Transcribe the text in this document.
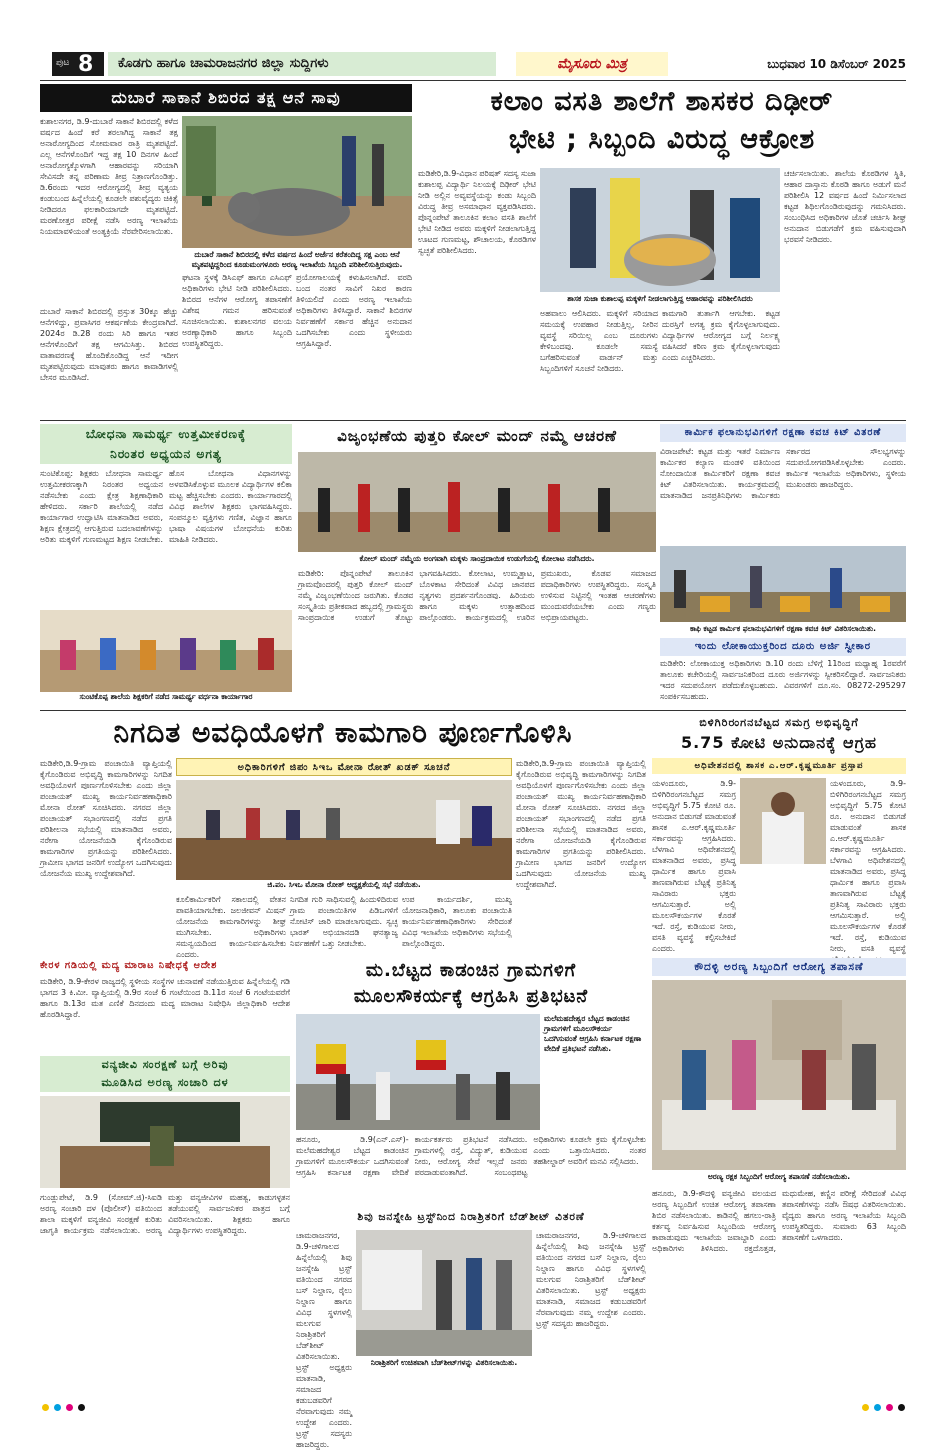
ಪುಟ 8	ಕೊಡಗು ಹಾಗೂ ಚಾಮರಾಜನಗರ ಜಿಲ್ಲಾ ಸುದ್ದಿಗಳು	ಮೈಸೂರು ಮಿತ್ರ	ಬುಧವಾರ 10 ಡಿಸೆಂಬರ್ 2025
ದುಬಾರೆ ಸಾಕಾನೆ ಶಿಬಿರದ ತಕ್ಷ ಆನೆ ಸಾವು
ಕುಶಾಲನಗರ, ಡಿ.9-ದುಬಾರೆ ಸಾಕಾನೆ ಶಿಬಿರದಲ್ಲಿ ಕಳೆದ ವರ್ಷದ ಹಿಂದೆ ಕರೆ ತರಲಾಗಿದ್ದ ಸಾಕಾನೆ ತಕ್ಷ ಅನಾರೋಗ್ಯದಿಂದ ಸೋಮವಾರ ರಾತ್ರಿ ಮೃತಪಟ್ಟಿದೆ. ಎಲ್ಲ ಆನೆಗಳೊಂದಿಗೆ ಇದ್ದ ತಕ್ಷ 10 ದಿನಗಳ ಹಿಂದೆ ಅನಾರೋಗ್ಯಕ್ಕೊಳಗಾಗಿ ಆಹಾರವನ್ನು ಸರಿಯಾಗಿ ಸೇವಿಸದೇ ತನ್ನ ಪರಿಣಾಮ ತೀವ್ರ ನಿತ್ರಾಣಗೊಂಡಿತ್ತು. ಡಿ.6ರಂದು ಇದರ ಆರೋಗ್ಯದಲ್ಲಿ ತೀವ್ರ ವ್ಯತ್ಯಯ ಕಂಡುಬಂದ ಹಿನ್ನೆಲೆಯಲ್ಲಿ ಕೂಡಲೇ ಪಶುವೈದ್ಯರು ಚಿಕಿತ್ಸೆ ನೀಡಿದರೂ ಫಲಕಾರಿಯಾಗದೇ ಮೃತಪಟ್ಟಿದೆ. ಮರಣೋತ್ತರ ಪರೀಕ್ಷೆ ನಡೆಸಿ ಅರಣ್ಯ ಇಲಾಖೆಯ ನಿಯಮಾವಳಿಯಂತೆ ಅಂತ್ಯಕ್ರಿಯೆ ನೆರವೇರಿಸಲಾಯಿತು.
ದುಬಾರೆ ಸಾಕಾನೆ ಶಿಬಿರದಲ್ಲಿ ಕಳೆದ ವರ್ಷದ ಹಿಂದೆ ಅರ್ಜೆನ ಕರೆತಂದಿದ್ದ ಸಕ್ಷ ಎಂಬ ಆನೆ ಮೃತಪಟ್ಟಿದ್ದರಿಂದ ಕೂಡುಮಂಗಳೂರು ಅರಣ್ಯ ಇಲಾಖೆಯ ಸಿಬ್ಬಂದಿ ಪರಿಶೀಲಿಸುತ್ತಿರುವುದು.
ದುಬಾರೆ ಸಾಕಾನೆ ಶಿಬಿರದಲ್ಲಿ ಪ್ರಸ್ತುತ 30ಕ್ಕೂ ಹೆಚ್ಚು ಆನೆಗಳಿದ್ದು, ಪ್ರವಾಸಿಗರ ಆಕರ್ಷಣೆಯ ಕೇಂದ್ರವಾಗಿದೆ. 2024ರ ಡಿ.28 ರಂದು ಸಿರಿ ಹಾಗೂ ಇತರ ಆನೆಗಳೊಂದಿಗೆ ತಕ್ಷ ಆಗಮಿಸಿತ್ತು. ಶಿಬಿರದ ವಾತಾವರಣಕ್ಕೆ ಹೊಂದಿಕೊಂಡಿದ್ದ ಆನೆ ಇದೀಗ ಮೃತಪಟ್ಟಿರುವುದು ಮಾವುತರು ಹಾಗೂ ಕಾವಾಡಿಗಳಲ್ಲಿ ಬೇಸರ ಮೂಡಿಸಿದೆ.
ಘಟನಾ ಸ್ಥಳಕ್ಕೆ ಡಿಸಿಎಫ್ ಹಾಗೂ ಎಸಿಎಫ್ ಅಧಿಕಾರಿಗಳು ಭೇಟಿ ನೀಡಿ ಪರಿಶೀಲಿಸಿದರು. ಶಿಬಿರದ ಆನೆಗಳ ಆರೋಗ್ಯ ತಪಾಸಣೆಗೆ ವಿಶೇಷ ಗಮನ ಹರಿಸುವಂತೆ ಸೂಚಿಸಲಾಯಿತು. ಕುಶಾಲನಗರ ವಲಯ ಅರಣ್ಯಾಧಿಕಾರಿ ಹಾಗೂ ಸಿಬ್ಬಂದಿ ಉಪಸ್ಥಿತರಿದ್ದರು.
ಪ್ರಯೋಗಾಲಯಕ್ಕೆ ಕಳುಹಿಸಲಾಗಿದೆ. ವರದಿ ಬಂದ ನಂತರ ಸಾವಿಗೆ ನಿಖರ ಕಾರಣ ತಿಳಿಯಲಿದೆ ಎಂದು ಅರಣ್ಯ ಇಲಾಖೆಯ ಅಧಿಕಾರಿಗಳು ತಿಳಿಸಿದ್ದಾರೆ. ಸಾಕಾನೆ ಶಿಬಿರಗಳ ನಿರ್ವಹಣೆಗೆ ಸರ್ಕಾರ ಹೆಚ್ಚಿನ ಅನುದಾನ ಒದಗಿಸಬೇಕು ಎಂದು ಸ್ಥಳೀಯರು ಆಗ್ರಹಿಸಿದ್ದಾರೆ.
ಕಲಾಂ ವಸತಿ ಶಾಲೆಗೆ ಶಾಸಕರ ದಿಢೀರ್
ಭೇಟಿ ; ಸಿಬ್ಬಂದಿ ವಿರುದ್ಧ ಆಕ್ರೋಶ
ಮಡಿಕೇರಿ,ಡಿ.9-ವಿಧಾನ ಪರಿಷತ್ ಸದಸ್ಯ ಸುಜಾ ಕುಶಾಲಪ್ಪ ವಿದ್ಯಾರ್ಥಿ ನಿಲಯಕ್ಕೆ ದಿಢೀರ್ ಭೇಟಿ ನೀಡಿ ಅಲ್ಲಿನ ಅವ್ಯವಸ್ಥೆಯನ್ನು ಕಂಡು ಸಿಬ್ಬಂದಿ ವಿರುದ್ಧ ತೀವ್ರ ಅಸಮಾಧಾನ ವ್ಯಕ್ತಪಡಿಸಿದರು. ಪೊನ್ನಂಪೇಟೆ ತಾಲೂಕಿನ ಕಲಾಂ ವಸತಿ ಶಾಲೆಗೆ ಭೇಟಿ ನೀಡಿದ ಅವರು ಮಕ್ಕಳಿಗೆ ನೀಡಲಾಗುತ್ತಿದ್ದ ಊಟದ ಗುಣಮಟ್ಟ, ಶೌಚಾಲಯ, ಕೊಠಡಿಗಳ ಸ್ವಚ್ಛತೆ ಪರಿಶೀಲಿಸಿದರು.
ಶಾಸಕ ಸುಜಾ ಕುಶಾಲಪ್ಪ ಮಕ್ಕಳಿಗೆ ನೀಡಲಾಗುತ್ತಿದ್ದ ಆಹಾರವನ್ನು ಪರಿಶೀಲಿಸಿದರು
ಅಹವಾಲು ಆಲಿಸಿದರು. ಮಕ್ಕಳಿಗೆ ಸರಿಯಾದ ಸಮಯಕ್ಕೆ ಉಪಹಾರ ನೀಡುತ್ತಿಲ್ಲ, ನೀರಿನ ವ್ಯವಸ್ಥೆ ಸರಿಯಿಲ್ಲ ಎಂಬ ದೂರುಗಳು ಕೇಳಿಬಂದವು. ಕೂಡಲೇ ಸಮಸ್ಯೆ ಬಗೆಹರಿಸುವಂತೆ ವಾರ್ಡನ್ ಮತ್ತು ಸಿಬ್ಬಂದಿಗಳಿಗೆ ಸೂಚನೆ ನೀಡಿದರು.
ಕಾಮಗಾರಿ ತುರ್ತಾಗಿ ಆಗಬೇಕು. ಕಟ್ಟಡ ದುರಸ್ತಿಗೆ ಅಗತ್ಯ ಕ್ರಮ ಕೈಗೊಳ್ಳಲಾಗುವುದು. ವಿದ್ಯಾರ್ಥಿಗಳ ಆರೋಗ್ಯದ ಬಗ್ಗೆ ನಿರ್ಲಕ್ಷ್ಯ ವಹಿಸಿದರೆ ಕಠಿಣ ಕ್ರಮ ಕೈಗೊಳ್ಳಲಾಗುವುದು ಎಂದು ಎಚ್ಚರಿಸಿದರು.
ಚರ್ಚಿಸಲಾಯಿತು. ಶಾಲೆಯ ಕೊಠಡಿಗಳ ಸ್ಥಿತಿ, ಆಹಾರ ದಾಸ್ತಾನು ಕೊಠಡಿ ಹಾಗೂ ಅಡುಗೆ ಮನೆ ಪರಿಶೀಲಿಸಿ 12 ವರ್ಷದ ಹಿಂದೆ ನಿರ್ಮಿಸಲಾದ ಕಟ್ಟಡ ಶಿಥಿಲಗೊಂಡಿರುವುದನ್ನು ಗಮನಿಸಿದರು. ಸಂಬಂಧಿಸಿದ ಅಧಿಕಾರಿಗಳ ಜೊತೆ ಚರ್ಚಿಸಿ ಶೀಘ್ರ ಅನುದಾನ ಬಿಡುಗಡೆಗೆ ಕ್ರಮ ವಹಿಸುವುದಾಗಿ ಭರವಸೆ ನೀಡಿದರು.
ಬೋಧನಾ ಸಾಮರ್ಥ್ಯ ಉತ್ತಮೀಕರಣಕ್ಕೆ
ನಿರಂತರ ಅಧ್ಯಯನ ಅಗತ್ಯ
ಸುಂಟಿಕೊಪ್ಪ: ಶಿಕ್ಷಕರು ಬೋಧನಾ ಸಾಮರ್ಥ್ಯ ಉತ್ತಮೀಕರಣಕ್ಕಾಗಿ ನಿರಂತರ ಅಧ್ಯಯನ ನಡೆಸಬೇಕು ಎಂದು ಕ್ಷೇತ್ರ ಶಿಕ್ಷಣಾಧಿಕಾರಿ ಹೇಳಿದರು. ಸರ್ಕಾರಿ ಶಾಲೆಯಲ್ಲಿ ನಡೆದ ಕಾರ್ಯಾಗಾರ ಉದ್ಘಾಟಿಸಿ ಮಾತನಾಡಿದ ಅವರು, ಶಿಕ್ಷಣ ಕ್ಷೇತ್ರದಲ್ಲಿ ಆಗುತ್ತಿರುವ ಬದಲಾವಣೆಗಳನ್ನು ಅರಿತು ಮಕ್ಕಳಿಗೆ ಗುಣಮಟ್ಟದ ಶಿಕ್ಷಣ ನೀಡಬೇಕು. ಹೊಸ ಬೋಧನಾ ವಿಧಾನಗಳನ್ನು ಅಳವಡಿಸಿಕೊಳ್ಳುವ ಮೂಲಕ ವಿದ್ಯಾರ್ಥಿಗಳ ಕಲಿಕಾ ಮಟ್ಟ ಹೆಚ್ಚಿಸಬೇಕು ಎಂದರು. ಕಾರ್ಯಾಗಾರದಲ್ಲಿ ವಿವಿಧ ಶಾಲೆಗಳ ಶಿಕ್ಷಕರು ಭಾಗವಹಿಸಿದ್ದರು. ಸಂಪನ್ಮೂಲ ವ್ಯಕ್ತಿಗಳು ಗಣಿತ, ವಿಜ್ಞಾನ ಹಾಗೂ ಭಾಷಾ ವಿಷಯಗಳ ಬೋಧನೆಯ ಕುರಿತು ಮಾಹಿತಿ ನೀಡಿದರು.
ಸುಂಟಿಕೊಪ್ಪ ಶಾಲೆಯ ಶಿಕ್ಷಕರಿಗೆ ನಡೆದ ಸಾಮರ್ಥ್ಯ ವರ್ಧನಾ ಕಾರ್ಯಾಗಾರ
ವಿಜೃಂಭಣೆಯ ಪುತ್ತರಿ ಕೋಲ್ ಮಂದ್ ನಮ್ಮೆ ಆಚರಣೆ
ಕೋಲ್ ಮಂದ್ ನಮ್ಮೆಯ ಅಂಗವಾಗಿ ಮಕ್ಕಳು ಸಾಂಪ್ರದಾಯಿಕ ಉಡುಗೆಯಲ್ಲಿ ಕೋಲಾಟ ನಡೆಸಿದರು.
ಮಡಿಕೇರಿ: ಪೊನ್ನಂಪೇಟೆ ತಾಲೂಕಿನ ಗ್ರಾಮವೊಂದರಲ್ಲಿ ಪುತ್ತರಿ ಕೋಲ್ ಮಂದ್ ನಮ್ಮೆ ವಿಜೃಂಭಣೆಯಿಂದ ಜರುಗಿತು. ಕೊಡವ ಸಂಸ್ಕೃತಿಯ ಪ್ರತೀಕವಾದ ಹಬ್ಬದಲ್ಲಿ ಗ್ರಾಮಸ್ಥರು ಸಾಂಪ್ರದಾಯಿಕ ಉಡುಗೆ ತೊಟ್ಟು ಭಾಗವಹಿಸಿದರು. ಕೋಲಾಟ, ಉಮ್ಮತ್ತಾಟ, ಬೊಳಕಾಟ ಸೇರಿದಂತೆ ವಿವಿಧ ಜಾನಪದ ನೃತ್ಯಗಳು ಪ್ರದರ್ಶನಗೊಂಡವು. ಹಿರಿಯರು ಹಾಗೂ ಮಕ್ಕಳು ಉತ್ಸಾಹದಿಂದ ಪಾಲ್ಗೊಂಡರು. ಕಾರ್ಯಕ್ರಮದಲ್ಲಿ ಊರಿನ ಪ್ರಮುಖರು, ಕೊಡವ ಸಮಾಜದ ಪದಾಧಿಕಾರಿಗಳು ಉಪಸ್ಥಿತರಿದ್ದರು. ಸಂಸ್ಕೃತಿ ಉಳಿಸುವ ನಿಟ್ಟಿನಲ್ಲಿ ಇಂತಹ ಆಚರಣೆಗಳು ಮುಂದುವರೆಯಬೇಕು ಎಂದು ಗಣ್ಯರು ಅಭಿಪ್ರಾಯಪಟ್ಟರು.
ಕಾರ್ಮಿಕ ಫಲಾನುಭವಿಗಳಿಗೆ ರಕ್ಷಣಾ ಕವಚ ಕಿಟ್ ವಿತರಣೆ
ವಿರಾಜಪೇಟೆ: ಕಟ್ಟಡ ಮತ್ತು ಇತರೆ ನಿರ್ಮಾಣ ಕಾರ್ಮಿಕರ ಕಲ್ಯಾಣ ಮಂಡಳಿ ವತಿಯಿಂದ ನೋಂದಾಯಿತ ಕಾರ್ಮಿಕರಿಗೆ ರಕ್ಷಣಾ ಕವಚ ಕಿಟ್ ವಿತರಿಸಲಾಯಿತು. ಕಾರ್ಯಕ್ರಮದಲ್ಲಿ ಮಾತನಾಡಿದ ಜನಪ್ರತಿನಿಧಿಗಳು ಕಾರ್ಮಿಕರು ಸರ್ಕಾರದ ಸೌಲಭ್ಯಗಳನ್ನು ಸದುಪಯೋಗಪಡಿಸಿಕೊಳ್ಳಬೇಕು ಎಂದರು. ಕಾರ್ಮಿಕ ಇಲಾಖೆಯ ಅಧಿಕಾರಿಗಳು, ಸ್ಥಳೀಯ ಮುಖಂಡರು ಹಾಜರಿದ್ದರು.
ಕಾಫಿ ಕಟ್ಟಡ ಕಾರ್ಮಿಕ ಫಲಾನುಭವಿಗಳಿಗೆ ರಕ್ಷಣಾ ಕವಚ ಕಿಟ್ ವಿತರಿಸಲಾಯಿತು.
ಇಂದು ಲೋಕಾಯುಕ್ತರಿಂದ ದೂರು ಅರ್ಜಿ ಸ್ವೀಕಾರ
ಮಡಿಕೇರಿ: ಲೋಕಾಯುಕ್ತ ಅಧಿಕಾರಿಗಳು ಡಿ.10 ರಂದು ಬೆಳಿಗ್ಗೆ 11ರಿಂದ ಮಧ್ಯಾಹ್ನ 1ರವರೆಗೆ ತಾಲೂಕು ಕಚೇರಿಯಲ್ಲಿ ಸಾರ್ವಜನಿಕರಿಂದ ದೂರು ಅರ್ಜಿಗಳನ್ನು ಸ್ವೀಕರಿಸಲಿದ್ದಾರೆ. ಸಾರ್ವಜನಿಕರು ಇದರ ಸದುಪಯೋಗ ಪಡೆದುಕೊಳ್ಳಬಹುದು. ವಿವರಗಳಿಗೆ ದೂ.ಸಂ. 08272-295297 ಸಂಪರ್ಕಿಸಬಹುದು.
ನಿಗದಿತ ಅವಧಿಯೊಳಗೆ ಕಾಮಗಾರಿ ಪೂರ್ಣಗೊಳಿಸಿ
ಮಡಿಕೇರಿ,ಡಿ.9-ಗ್ರಾಮ ಪಂಚಾಯಿತಿ ವ್ಯಾಪ್ತಿಯಲ್ಲಿ ಕೈಗೊಂಡಿರುವ ಅಭಿವೃದ್ಧಿ ಕಾಮಗಾರಿಗಳನ್ನು ನಿಗದಿತ ಅವಧಿಯೊಳಗೆ ಪೂರ್ಣಗೊಳಿಸಬೇಕು ಎಂದು ಜಿಲ್ಲಾ ಪಂಚಾಯತ್ ಮುಖ್ಯ ಕಾರ್ಯನಿರ್ವಹಣಾಧಿಕಾರಿ ಮೋನಾ ರೋತ್ ಸೂಚಿಸಿದರು. ನಗರದ ಜಿಲ್ಲಾ ಪಂಚಾಯತ್ ಸಭಾಂಗಣದಲ್ಲಿ ನಡೆದ ಪ್ರಗತಿ ಪರಿಶೀಲನಾ ಸಭೆಯಲ್ಲಿ ಮಾತನಾಡಿದ ಅವರು, ನರೇಗಾ ಯೋಜನೆಯಡಿ ಕೈಗೊಂಡಿರುವ ಕಾಮಗಾರಿಗಳ ಪ್ರಗತಿಯನ್ನು ಪರಿಶೀಲಿಸಿದರು. ಗ್ರಾಮೀಣ ಭಾಗದ ಜನರಿಗೆ ಉದ್ಯೋಗ ಒದಗಿಸುವುದು ಯೋಜನೆಯ ಮುಖ್ಯ ಉದ್ದೇಶವಾಗಿದೆ.
ಅಧಿಕಾರಿಗಳಿಗೆ ಜಿಪಂ ಸಿಇಒ ಮೋನಾ ರೋತ್ ಖಡಕ್ ಸೂಚನೆ
ಜಿ.ಪಂ. ಸಿಇಒ ಮೋನಾ ರೋತ್ ಅಧ್ಯಕ್ಷತೆಯಲ್ಲಿ ಸಭೆ ನಡೆಯಿತು.
ಕೂಲಿಕಾರ್ಮಿಕರಿಗೆ ಸಕಾಲದಲ್ಲಿ ವೇತನ ಪಾವತಿಯಾಗಬೇಕು. ಜಲಜೀವನ್ ಮಿಷನ್ ಯೋಜನೆಯ ಕಾಮಗಾರಿಗಳನ್ನು ಶೀಘ್ರ ಮುಗಿಸಬೇಕು. ಅಧಿಕಾರಿಗಳು ಸಮನ್ವಯದಿಂದ ಕಾರ್ಯನಿರ್ವಹಿಸಬೇಕು ಎಂದರು.
ನಿಗದಿತ ಗುರಿ ಸಾಧಿಸುವಲ್ಲಿ ಹಿಂದುಳಿದಿರುವ ಗ್ರಾಮ ಪಂಚಾಯಿತಿಗಳ ಪಿಡಿಒಗಳಿಗೆ ನೋಟಿಸ್ ಜಾರಿ ಮಾಡಲಾಗುವುದು. ಸ್ವಚ್ಛ ಭಾರತ್ ಅಭಿಯಾನದಡಿ ಘನತ್ಯಾಜ್ಯ ನಿರ್ವಹಣೆಗೆ ಒತ್ತು ನೀಡಬೇಕು.
ಉಪ ಕಾರ್ಯದರ್ಶಿ, ಮುಖ್ಯ ಯೋಜನಾಧಿಕಾರಿ, ತಾಲೂಕು ಪಂಚಾಯಿತಿ ಕಾರ್ಯನಿರ್ವಹಣಾಧಿಕಾರಿಗಳು ಸೇರಿದಂತೆ ವಿವಿಧ ಇಲಾಖೆಯ ಅಧಿಕಾರಿಗಳು ಸಭೆಯಲ್ಲಿ ಪಾಲ್ಗೊಂಡಿದ್ದರು.
ಮಡಿಕೇರಿ,ಡಿ.9-ಗ್ರಾಮ ಪಂಚಾಯಿತಿ ವ್ಯಾಪ್ತಿಯಲ್ಲಿ ಕೈಗೊಂಡಿರುವ ಅಭಿವೃದ್ಧಿ ಕಾಮಗಾರಿಗಳನ್ನು ನಿಗದಿತ ಅವಧಿಯೊಳಗೆ ಪೂರ್ಣಗೊಳಿಸಬೇಕು ಎಂದು ಜಿಲ್ಲಾ ಪಂಚಾಯತ್ ಮುಖ್ಯ ಕಾರ್ಯನಿರ್ವಹಣಾಧಿಕಾರಿ ಮೋನಾ ರೋತ್ ಸೂಚಿಸಿದರು. ನಗರದ ಜಿಲ್ಲಾ ಪಂಚಾಯತ್ ಸಭಾಂಗಣದಲ್ಲಿ ನಡೆದ ಪ್ರಗತಿ ಪರಿಶೀಲನಾ ಸಭೆಯಲ್ಲಿ ಮಾತನಾಡಿದ ಅವರು, ನರೇಗಾ ಯೋಜನೆಯಡಿ ಕೈಗೊಂಡಿರುವ ಕಾಮಗಾರಿಗಳ ಪ್ರಗತಿಯನ್ನು ಪರಿಶೀಲಿಸಿದರು. ಗ್ರಾಮೀಣ ಭಾಗದ ಜನರಿಗೆ ಉದ್ಯೋಗ ಒದಗಿಸುವುದು ಯೋಜನೆಯ ಮುಖ್ಯ ಉದ್ದೇಶವಾಗಿದೆ.
ಬಿಳಿಗಿರಿರಂಗನಬೆಟ್ಟದ ಸಮಗ್ರ ಅಭಿವೃದ್ಧಿಗೆ
5.75 ಕೋಟಿ ಅನುದಾನಕ್ಕೆ ಆಗ್ರಹ
ಅಧಿವೇಶನದಲ್ಲಿ ಶಾಸಕ ಎ.ಆರ್.ಕೃಷ್ಣಮೂರ್ತಿ ಪ್ರಸ್ತಾಪ
ಯಳಂದೂರು, ಡಿ.9-ಬಿಳಿಗಿರಿರಂಗನಬೆಟ್ಟದ ಸಮಗ್ರ ಅಭಿವೃದ್ಧಿಗೆ 5.75 ಕೋಟಿ ರೂ. ಅನುದಾನ ಬಿಡುಗಡೆ ಮಾಡುವಂತೆ ಶಾಸಕ ಎ.ಆರ್.ಕೃಷ್ಣಮೂರ್ತಿ ಸರ್ಕಾರವನ್ನು ಆಗ್ರಹಿಸಿದರು. ಬೆಳಗಾವಿ ಅಧಿವೇಶನದಲ್ಲಿ ಮಾತನಾಡಿದ ಅವರು, ಪ್ರಸಿದ್ಧ ಧಾರ್ಮಿಕ ಹಾಗೂ ಪ್ರವಾಸಿ ತಾಣವಾಗಿರುವ ಬೆಟ್ಟಕ್ಕೆ ಪ್ರತಿನಿತ್ಯ ಸಾವಿರಾರು ಭಕ್ತರು ಆಗಮಿಸುತ್ತಾರೆ. ಅಲ್ಲಿ ಮೂಲಸೌಕರ್ಯಗಳ ಕೊರತೆ ಇದೆ. ರಸ್ತೆ, ಕುಡಿಯುವ ನೀರು, ವಸತಿ ವ್ಯವಸ್ಥೆ ಕಲ್ಪಿಸಬೇಕಿದೆ ಎಂದರು.
ಯಳಂದೂರು, ಡಿ.9-ಬಿಳಿಗಿರಿರಂಗನಬೆಟ್ಟದ ಸಮಗ್ರ ಅಭಿವೃದ್ಧಿಗೆ 5.75 ಕೋಟಿ ರೂ. ಅನುದಾನ ಬಿಡುಗಡೆ ಮಾಡುವಂತೆ ಶಾಸಕ ಎ.ಆರ್.ಕೃಷ್ಣಮೂರ್ತಿ ಸರ್ಕಾರವನ್ನು ಆಗ್ರಹಿಸಿದರು. ಬೆಳಗಾವಿ ಅಧಿವೇಶನದಲ್ಲಿ ಮಾತನಾಡಿದ ಅವರು, ಪ್ರಸಿದ್ಧ ಧಾರ್ಮಿಕ ಹಾಗೂ ಪ್ರವಾಸಿ ತಾಣವಾಗಿರುವ ಬೆಟ್ಟಕ್ಕೆ ಪ್ರತಿನಿತ್ಯ ಸಾವಿರಾರು ಭಕ್ತರು ಆಗಮಿಸುತ್ತಾರೆ. ಅಲ್ಲಿ ಮೂಲಸೌಕರ್ಯಗಳ ಕೊರತೆ ಇದೆ. ರಸ್ತೆ, ಕುಡಿಯುವ ನೀರು, ವಸತಿ ವ್ಯವಸ್ಥೆ
ಕೇರಳ ಗಡಿಯಲ್ಲಿ ಮದ್ಯ ಮಾರಾಟ ನಿಷೇಧಕ್ಕೆ ಆದೇಶ
ಮಡಿಕೇರಿ, ಡಿ.9-ಕೇರಳ ರಾಜ್ಯದಲ್ಲಿ ಸ್ಥಳೀಯ ಸಂಸ್ಥೆಗಳ ಚುನಾವಣೆ ನಡೆಯುತ್ತಿರುವ ಹಿನ್ನೆಲೆಯಲ್ಲಿ ಗಡಿ ಭಾಗದ 3 ಕಿ.ಮೀ. ವ್ಯಾಪ್ತಿಯಲ್ಲಿ ಡಿ.9ರ ಸಂಜೆ 6 ಗಂಟೆಯಿಂದ ಡಿ.11ರ ಸಂಜೆ 6 ಗಂಟೆಯವರೆಗೆ ಹಾಗೂ ಡಿ.13ರ ಮತ ಎಣಿಕೆ ದಿನದಂದು ಮದ್ಯ ಮಾರಾಟ ನಿಷೇಧಿಸಿ ಜಿಲ್ಲಾಧಿಕಾರಿ ಆದೇಶ ಹೊರಡಿಸಿದ್ದಾರೆ.
ವನ್ಯಜೀವಿ ಸಂರಕ್ಷಣೆ ಬಗ್ಗೆ ಅರಿವು
ಮೂಡಿಸಿದ ಅರಣ್ಯ ಸಂಚಾರಿ ದಳ
ಗುಂಡ್ಲುಪೇಟೆ, ಡಿ.9 (ಸೋಮ್.ಜಿ)-ಸಿಐಡಿ ಅರಣ್ಯ ಸಂಚಾರಿ ದಳ (ಪೊಲೀಸ್) ವತಿಯಿಂದ ಶಾಲಾ ಮಕ್ಕಳಿಗೆ ವನ್ಯಜೀವಿ ಸಂರಕ್ಷಣೆ ಕುರಿತು ಜಾಗೃತಿ ಕಾರ್ಯಕ್ರಮ ನಡೆಸಲಾಯಿತು. ಅರಣ್ಯ ಮತ್ತು ವನ್ಯಜೀವಿಗಳ ಮಹತ್ವ, ಕಾಡುಗಳ್ಳತನ ತಡೆಯುವಲ್ಲಿ ಸಾರ್ವಜನಿಕರ ಪಾತ್ರದ ಬಗ್ಗೆ ವಿವರಿಸಲಾಯಿತು. ಶಿಕ್ಷಕರು ಹಾಗೂ ವಿದ್ಯಾರ್ಥಿಗಳು ಉಪಸ್ಥಿತರಿದ್ದರು.
ಮ.ಬೆಟ್ಟದ ಕಾಡಂಚಿನ ಗ್ರಾಮಗಳಿಗೆ
ಮೂಲಸೌಕರ್ಯಕ್ಕೆ ಆಗ್ರಹಿಸಿ ಪ್ರತಿಭಟನೆ
ಮಲೆಮಹದೇಶ್ವರ ಬೆಟ್ಟದ ಕಾಡಂಚಿನ ಗ್ರಾಮಗಳಿಗೆ ಮೂಲಸೌಕರ್ಯ ಒದಗಿಸುವಂತೆ ಆಗ್ರಹಿಸಿ ಕರ್ನಾಟಕ ರಕ್ಷಣಾ ವೇದಿಕೆ ಪ್ರತಿಭಟನೆ ನಡೆಸಿತು.
ಹನೂರು, ಡಿ.9(ಎನ್.ಎಸ್)-ಮಲೆಮಹದೇಶ್ವರ ಬೆಟ್ಟದ ಕಾಡಂಚಿನ ಗ್ರಾಮಗಳಿಗೆ ಮೂಲಸೌಕರ್ಯ ಒದಗಿಸುವಂತೆ ಆಗ್ರಹಿಸಿ ಕರ್ನಾಟಕ ರಕ್ಷಣಾ ವೇದಿಕೆ ಕಾರ್ಯಕರ್ತರು ಪ್ರತಿಭಟನೆ ನಡೆಸಿದರು. ಗ್ರಾಮಗಳಲ್ಲಿ ರಸ್ತೆ, ವಿದ್ಯುತ್, ಕುಡಿಯುವ ನೀರು, ಆರೋಗ್ಯ ಸೇವೆ ಇಲ್ಲದೆ ಜನರು ಪರದಾಡುವಂತಾಗಿದೆ. ಸಂಬಂಧಪಟ್ಟ ಅಧಿಕಾರಿಗಳು ಕೂಡಲೇ ಕ್ರಮ ಕೈಗೊಳ್ಳಬೇಕು ಎಂದು ಒತ್ತಾಯಿಸಿದರು. ನಂತರ ತಹಶೀಲ್ದಾರ್ ಅವರಿಗೆ ಮನವಿ ಸಲ್ಲಿಸಿದರು.
ಶಿವು ಜನಸ್ನೇಹಿ ಟ್ರಸ್ಟ್‌ನಿಂದ ನಿರಾಶ್ರಿತರಿಗೆ ಬೆಡ್‌ಶೀಟ್ ವಿತರಣೆ
ಚಾಮರಾಜನಗರ, ಡಿ.9-ಚಳಿಗಾಲದ ಹಿನ್ನೆಲೆಯಲ್ಲಿ ಶಿವು ಜನಸ್ನೇಹಿ ಟ್ರಸ್ಟ್ ವತಿಯಿಂದ ನಗರದ ಬಸ್ ನಿಲ್ದಾಣ, ರೈಲು ನಿಲ್ದಾಣ ಹಾಗೂ ವಿವಿಧ ಸ್ಥಳಗಳಲ್ಲಿ ಮಲಗುವ ನಿರಾಶ್ರಿತರಿಗೆ ಬೆಡ್‌ಶೀಟ್ ವಿತರಿಸಲಾಯಿತು. ಟ್ರಸ್ಟ್ ಅಧ್ಯಕ್ಷರು ಮಾತನಾಡಿ, ಸಮಾಜದ ಕಡುಬಡವರಿಗೆ ನೆರವಾಗುವುದು ನಮ್ಮ ಉದ್ದೇಶ ಎಂದರು. ಟ್ರಸ್ಟ್ ಸದಸ್ಯರು ಹಾಜರಿದ್ದರು.
ನಿರಾಶ್ರಿತರಿಗೆ ಉಚಿತವಾಗಿ ಬೆಡ್‌ಶೀಟ್‌ಗಳನ್ನು ವಿತರಿಸಲಾಯಿತು.
ಚಾಮರಾಜನಗರ, ಡಿ.9-ಚಳಿಗಾಲದ ಹಿನ್ನೆಲೆಯಲ್ಲಿ ಶಿವು ಜನಸ್ನೇಹಿ ಟ್ರಸ್ಟ್ ವತಿಯಿಂದ ನಗರದ ಬಸ್ ನಿಲ್ದಾಣ, ರೈಲು ನಿಲ್ದಾಣ ಹಾಗೂ ವಿವಿಧ ಸ್ಥಳಗಳಲ್ಲಿ ಮಲಗುವ ನಿರಾಶ್ರಿತರಿಗೆ ಬೆಡ್‌ಶೀಟ್ ವಿತರಿಸಲಾಯಿತು. ಟ್ರಸ್ಟ್ ಅಧ್ಯಕ್ಷರು ಮಾತನಾಡಿ, ಸಮಾಜದ ಕಡುಬಡವರಿಗೆ ನೆರವಾಗುವುದು ನಮ್ಮ ಉದ್ದೇಶ ಎಂದರು. ಟ್ರಸ್ಟ್ ಸದಸ್ಯರು ಹಾಜರಿದ್ದರು.
ಕೌದಳ್ಳಿ ಅರಣ್ಯ ಸಿಬ್ಬಂದಿಗೆ ಆರೋಗ್ಯ ತಪಾಸಣೆ
ಅರಣ್ಯ ರಕ್ಷಕ ಸಿಬ್ಬಂದಿಗೆ ಆರೋಗ್ಯ ತಪಾಸಣೆ ನಡೆಸಲಾಯಿತು.
ಹನೂರು, ಡಿ.9-ಕೌದಳ್ಳಿ ವನ್ಯಜೀವಿ ವಲಯದ ಅರಣ್ಯ ಸಿಬ್ಬಂದಿಗೆ ಉಚಿತ ಆರೋಗ್ಯ ತಪಾಸಣಾ ಶಿಬಿರ ನಡೆಸಲಾಯಿತು. ಕಾಡಿನಲ್ಲಿ ಹಗಲು-ರಾತ್ರಿ ಕರ್ತವ್ಯ ನಿರ್ವಹಿಸುವ ಸಿಬ್ಬಂದಿಯ ಆರೋಗ್ಯ ಕಾಪಾಡುವುದು ಇಲಾಖೆಯ ಜವಾಬ್ದಾರಿ ಎಂದು ಅಧಿಕಾರಿಗಳು ತಿಳಿಸಿದರು. ರಕ್ತದೊತ್ತಡ, ಮಧುಮೇಹ, ಕಣ್ಣಿನ ಪರೀಕ್ಷೆ ಸೇರಿದಂತೆ ವಿವಿಧ ತಪಾಸಣೆಗಳನ್ನು ನಡೆಸಿ ಔಷಧ ವಿತರಿಸಲಾಯಿತು. ವೈದ್ಯರು ಹಾಗೂ ಅರಣ್ಯ ಇಲಾಖೆಯ ಸಿಬ್ಬಂದಿ ಉಪಸ್ಥಿತರಿದ್ದರು. ಸುಮಾರು 63 ಸಿಬ್ಬಂದಿ ತಪಾಸಣೆಗೆ ಒಳಗಾದರು.
